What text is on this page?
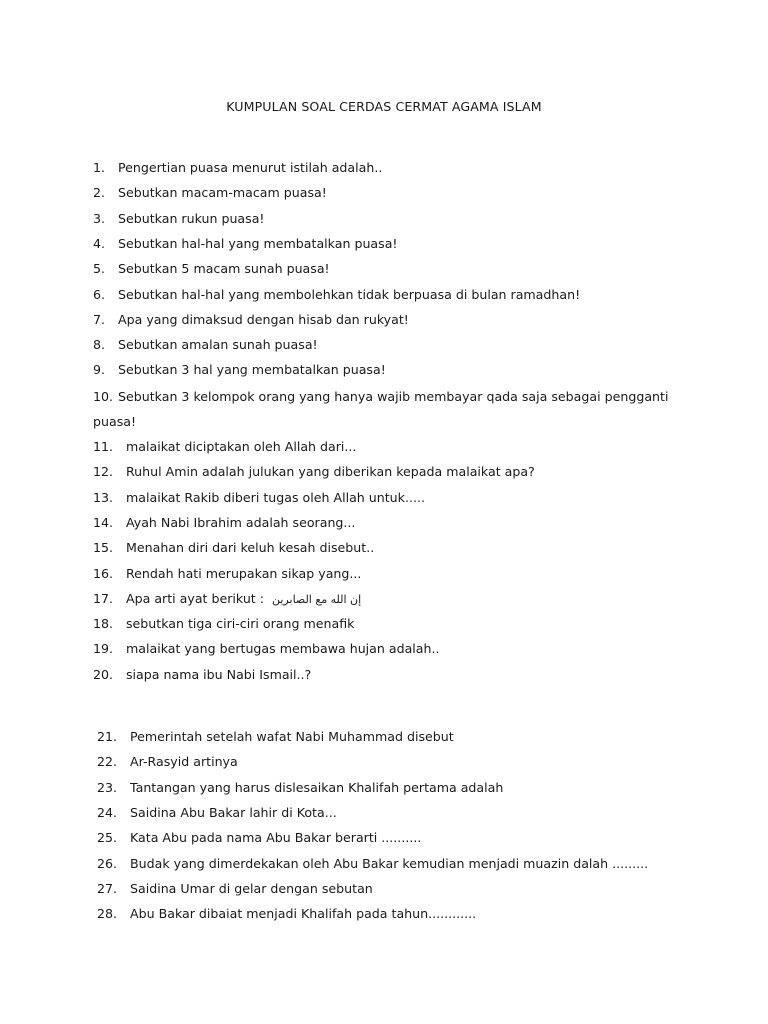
KUMPULAN SOAL CERDAS CERMAT AGAMA ISLAM
1. Pengertian puasa menurut istilah adalah..
2. Sebutkan macam-macam puasa!
3. Sebutkan rukun puasa!
4. Sebutkan hal-hal yang membatalkan puasa!
5. Sebutkan 5 macam sunah puasa!
6. Sebutkan hal-hal yang membolehkan tidak berpuasa di bulan ramadhan!
7. Apa yang dimaksud dengan hisab dan rukyat!
8. Sebutkan amalan sunah puasa!
9. Sebutkan 3 hal yang membatalkan puasa!
10. Sebutkan 3 kelompok orang yang hanya wajib membayar qada saja sebagai pengganti
puasa!
11. malaikat diciptakan oleh Allah dari...
12. Ruhul Amin adalah julukan yang diberikan kepada malaikat apa?
13. malaikat Rakib diberi tugas oleh Allah untuk.....
14. Ayah Nabi Ibrahim adalah seorang...
15. Menahan diri dari keluh kesah disebut..
16. Rendah hati merupakan sikap yang...
17. Apa arti ayat berikut : إن الله مع الصابرين
18. sebutkan tiga ciri-ciri orang menafik
19. malaikat yang bertugas membawa hujan adalah..
20. siapa nama ibu Nabi Ismail..?
21. Pemerintah setelah wafat Nabi Muhammad disebut
22. Ar-Rasyid artinya
23. Tantangan yang harus dislesaikan Khalifah pertama adalah
24. Saidina Abu Bakar lahir di Kota...
25. Kata Abu pada nama Abu Bakar berarti ..........
26. Budak yang dimerdekakan oleh Abu Bakar kemudian menjadi muazin dalah .........
27. Saidina Umar di gelar dengan sebutan
28. Abu Bakar dibaiat menjadi Khalifah pada tahun............
